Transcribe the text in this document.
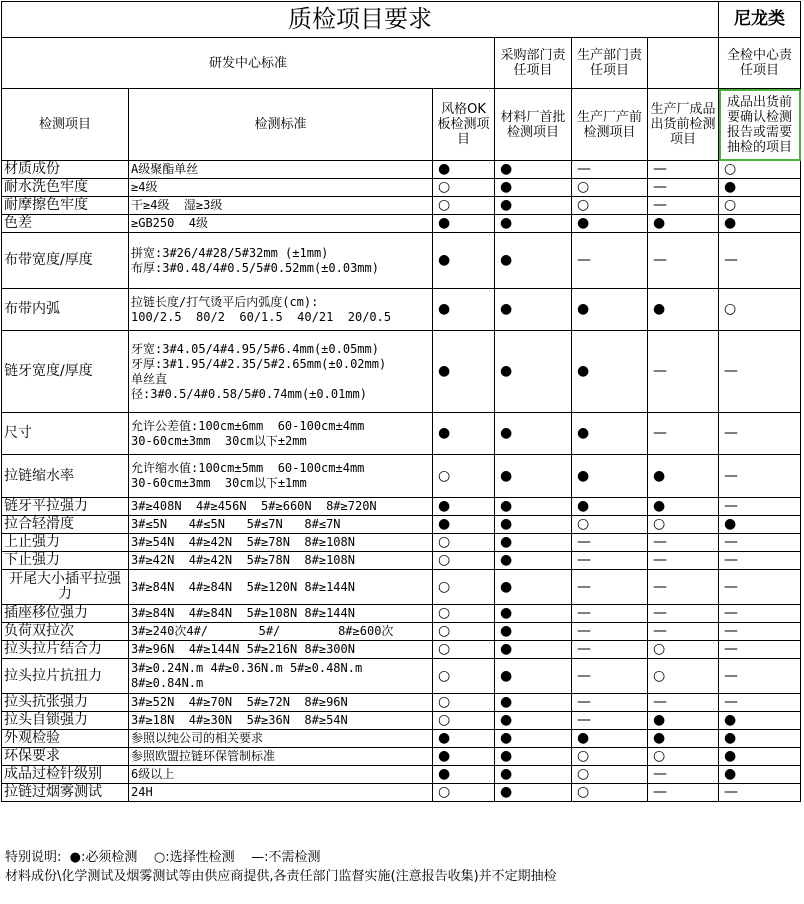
质检项目要求						尼龙类
研发中心标准			采购部门责任项目	生产部门责任项目		全检中心责任项目
检测项目	检测标准	风格OK板检测项目	材料厂首批检测项目	生产厂产前检测项目	生产厂成品出货前检测项目	成品出货前要确认检测报告或需要抽检的项目
材质成份	A级聚酯单丝	●	●	—	—	○
耐水洗色牢度	≥4级	○	●	○	—	●
耐摩擦色牢度	干≥4级  湿≥3级	○	●	○	—	○
色差	≥GB250  4级	●	●	●	●	●
布带宽度/厚度	拼宽:3#26/4#28/5#32mm (±1mm)
布厚:3#0.48/4#0.5/5#0.52mm(±0.03mm)	●	●	—	—	—
布带内弧	拉链长度/打气烫平后内弧度(cm):
100/2.5  80/2  60/1.5  40/21  20/0.5	●	●	●	●	○
链牙宽度/厚度	牙宽:3#4.05/4#4.95/5#6.4mm(±0.05mm)
牙厚:3#1.95/4#2.35/5#2.65mm(±0.02mm)
单丝直
径:3#0.5/4#0.58/5#0.74mm(±0.01mm)	●	●	●	—	—
尺寸	允许公差值:100cm±6mm  60-100cm±4mm
30-60cm±3mm  30cm以下±2mm	●	●	●	—	—
拉链缩水率	允许缩水值:100cm±5mm  60-100cm±4mm
30-60cm±3mm  30cm以下±1mm	○	●	●	●	—
链牙平拉强力	3#≥408N  4#≥456N  5#≥660N  8#≥720N	●	●	●	●	—
拉合轻滑度	3#≤5N   4#≤5N   5#≤7N   8#≤7N	●	●	○	○	●
上止强力	3#≥54N  4#≥42N  5#≥78N  8#≥108N	○	●	—	—	—
下止强力	3#≥42N  4#≥42N  5#≥78N  8#≥108N	○	●	—	—	—
开尾大小插平拉强力	3#≥84N  4#≥84N  5#≥120N 8#≥144N	○	●	—	—	—
插座移位强力	3#≥84N  4#≥84N  5#≥108N 8#≥144N	○	●	—	—	—
负荷双拉次	3#≥240次4#/       5#/        8#≥600次	○	●	—	—	—
拉头拉片结合力	3#≥96N  4#≥144N 5#≥216N 8#≥300N	○	●	—	○	—
拉头拉片抗扭力	3#≥0.24N.m 4#≥0.36N.m 5#≥0.48N.m
8#≥0.84N.m	○	●	—	○	—
拉头抗张强力	3#≥52N  4#≥70N  5#≥72N  8#≥96N	○	●	—	—	—
拉头自锁强力	3#≥18N  4#≥30N  5#≥36N  8#≥54N	○	●	—	●	●
外观检验	参照以纯公司的相关要求	●	●	●	●	●
环保要求	参照欧盟拉链环保管制标准	●	●	○	○	●
成品过检针级别	6级以上	●	●	○	—	●
拉链过烟雾测试	24H	○	●	○	—	—
特别说明:  ●:必须检测    ○:选择性检测    —:不需检测
材料成份\化学测试及烟雾测试等由供应商提供,各责任部门监督实施(注意报告收集)并不定期抽检
